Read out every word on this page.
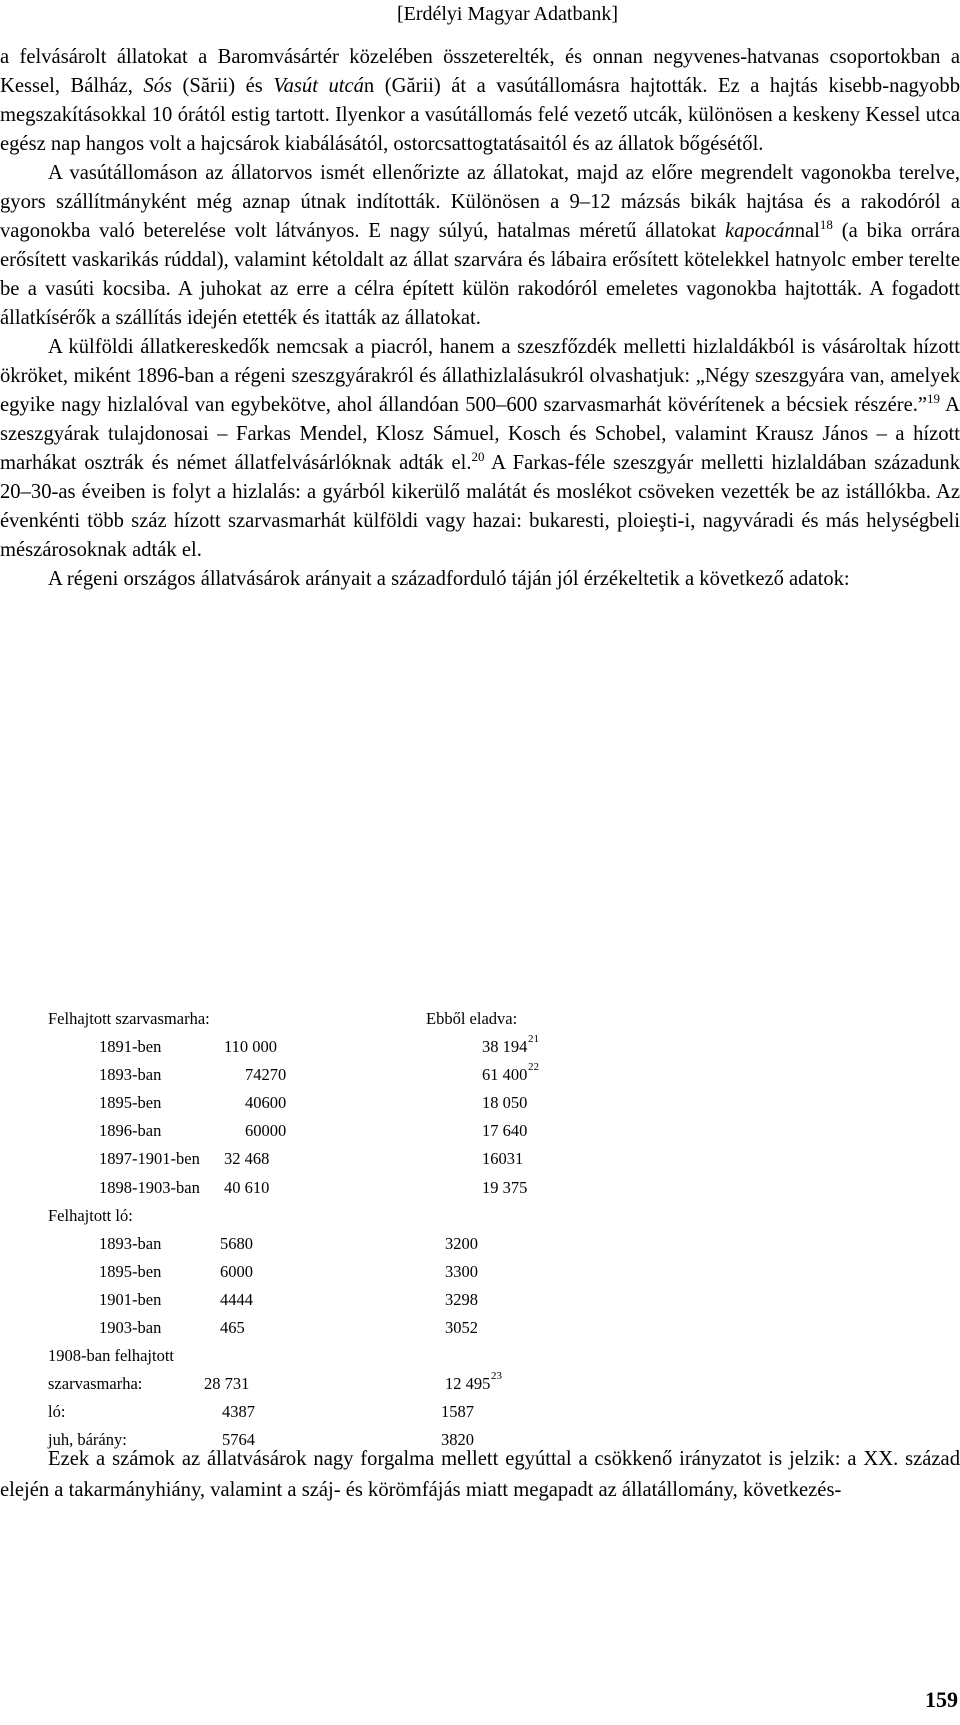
[Erdélyi Magyar Adatbank]

a felvásárolt állatokat a Baromvásártér közelében összeterelték, és onnan negyvenes-hatvanas csoportokban a Kessel, Bálház, Sós (Sării) és Vasút utcán (Gării) át a vasútállomásra hajtották. Ez a hajtás kisebb-nagyobb megszakításokkal 10 órától estig tartott. Ilyenkor a vasútállomás felé vezető utcák, különösen a keskeny Kessel utca egész nap hangos volt a hajcsárok kiabálásától, ostorcsattogtatásaitól és az állatok bőgésétől.

A vasútállomáson az állatorvos ismét ellenőrizte az állatokat, majd az előre megrendelt vagonokba terelve, gyors szállítmányként még aznap útnak indították. Különösen a 9–12 mázsás bikák hajtása és a rakodóról a vagonokba való beterelése volt látványos. E nagy súlyú, hatalmas méretű állatokat kapocánnal$^{18}$ (a bika orrára erősített vaskarikás rúddal), valamint kétoldalt az állat szarvára és lábaira erősített kötelekkel hatnyolc ember terelte be a vasúti kocsiba. A juhokat az erre a célra épített külön rakodóról emeletes vagonokba hajtották. A fogadott állatkísérők a szállítás idején etették és itatták az állatokat.

A külföldi állatkereskedők nemcsak a piacról, hanem a szeszfőzdék melletti hizlaldákból is vásároltak hízott ökröket, miként 1896-ban a régeni szeszgyárakról és állathizlalásukról olvashatjuk: „Négy szeszgyára van, amelyek egyike nagy hizlalóval van egybekötve, ahol állandóan 500–600 szarvasmarhát kövérítenek a bécsiek részére.”$^{19}$ A szeszgyárak tulajdonosai – Farkas Mendel, Klosz Sámuel, Kosch és Schobel, valamint Krausz János – a hízott marhákat osztrák és német állatfelvásárlóknak adták el.$^{20}$ A Farkas-féle szeszgyár melletti hizlaldában századunk 20–30-as éveiben is folyt a hizlalás: a gyárból kikerülő malátát és moslékot csöveken vezették be az istállókba. Az évenkénti több száz hízott szarvasmarhát külföldi vagy hazai: bukaresti, ploieşti-i, nagyváradi és más helységbeli mészárosoknak adták el.

A régeni országos állatvásárok arányait a századforduló táján jól érzékeltetik a következő adatok:

Felhajtott szarvasmarha:	Ebből eladva:
1891-ben	110 000	38 194 21
1893-ban	74270	61 400 22
1895-ben	40600	18 050
1896-ban	60000	17 640
1897-1901-ben 32 468	16031
1898-1903-ban 40 610	19 375
Felhajtott ló:
1893-ban	5680	3200
1895-ben	6000	3300
1901-ben	4444	3298
1903-ban	465	3052
1908-ban felhajtott
szarvasmarha:	28 731	12 495 23
ló:	4387	1587
juh, bárány:	5764	3820

Ezek a számok az állatvásárok nagy forgalma mellett egyúttal a csökkenő irányzatot is jelzik: a XX. század elején a takarmányhiány, valamint a száj- és körömfájás miatt megapadt az állatállomány, következés-

159
